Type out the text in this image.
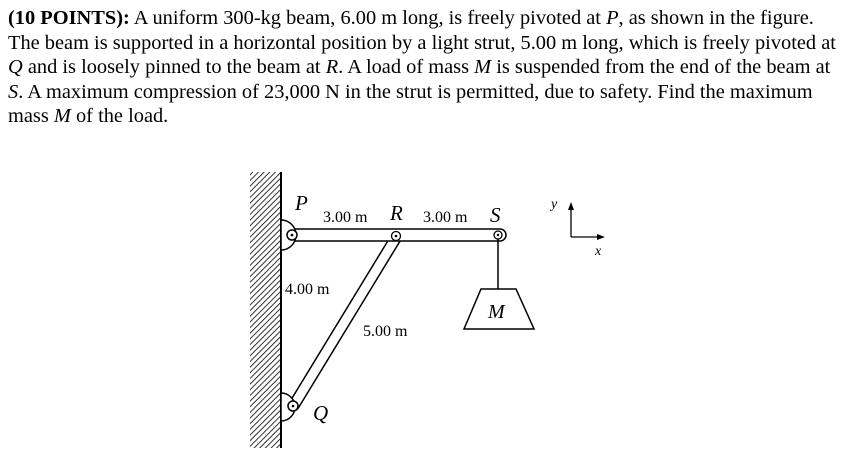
(10 POINTS): A uniform 300-kg beam, 6.00 m long, is freely pivoted at P, as shown in the figure. The beam is supported in a horizontal position by a light strut, 5.00 m long, which is freely pivoted at Q and is loosely pinned to the beam at R. A load of mass M is suspended from the end of the beam at S. A maximum compression of 23,000 N in the strut is permitted, due to safety. Find the maximum mass M of the load.
P
3.00 m R 3.00 m S
4.00 m
5.00 m
M
Q
y
x
